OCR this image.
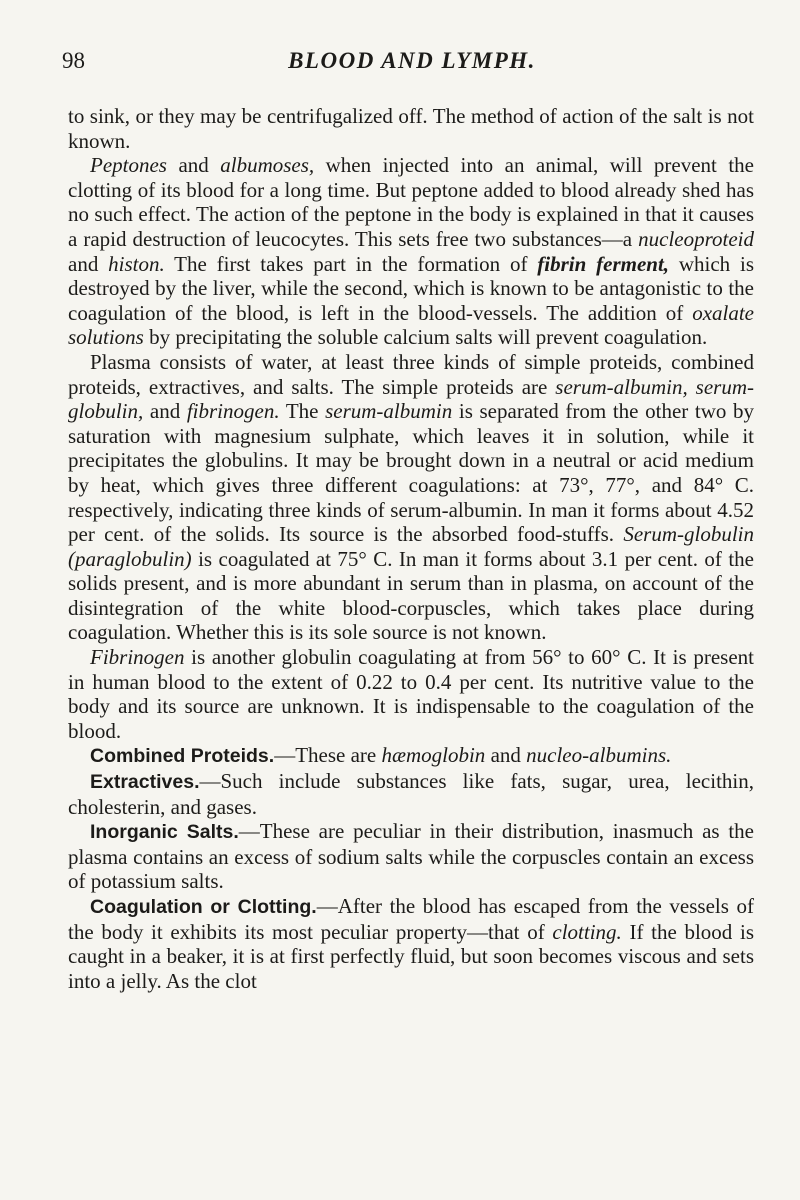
98	BLOOD AND LYMPH.

to sink, or they may be centrifugalized off. The method of action of the salt is not known.

Peptones and albumoses, when injected into an animal, will prevent the clotting of its blood for a long time. But peptone added to blood already shed has no such effect. The action of the peptone in the body is explained in that it causes a rapid destruction of leucocytes. This sets free two substances—a nucleoproteid and histon. The first takes part in the formation of fibrin ferment, which is destroyed by the liver, while the second, which is known to be antagonistic to the coagulation of the blood, is left in the blood-vessels. The addition of oxalate solutions by precipitating the soluble calcium salts will prevent coagulation.

Plasma consists of water, at least three kinds of simple proteids, combined proteids, extractives, and salts. The simple proteids are serum-albumin, serum-globulin, and fibrinogen. The serum-albumin is separated from the other two by saturation with magnesium sulphate, which leaves it in solution, while it precipitates the globulins. It may be brought down in a neutral or acid medium by heat, which gives three different coagulations: at 73°, 77°, and 84° C. respectively, indicating three kinds of serum-albumin. In man it forms about 4.52 per cent. of the solids. Its source is the absorbed food-stuffs. Serum-globulin (paraglobulin) is coagulated at 75° C. In man it forms about 3.1 per cent. of the solids present, and is more abundant in serum than in plasma, on account of the disintegration of the white blood-corpuscles, which takes place during coagulation. Whether this is its sole source is not known.

Fibrinogen is another globulin coagulating at from 56° to 60° C. It is present in human blood to the extent of 0.22 to 0.4 per cent. Its nutritive value to the body and its source are unknown. It is indispensable to the coagulation of the blood.

Combined Proteids.—These are hæmoglobin and nucleo-albumins.

Extractives.—Such include substances like fats, sugar, urea, lecithin, cholesterin, and gases.

Inorganic Salts.—These are peculiar in their distribution, inasmuch as the plasma contains an excess of sodium salts while the corpuscles contain an excess of potassium salts.

Coagulation or Clotting.—After the blood has escaped from the vessels of the body it exhibits its most peculiar property—that of clotting. If the blood is caught in a beaker, it is at first perfectly fluid, but soon becomes viscous and sets into a jelly. As the clot
